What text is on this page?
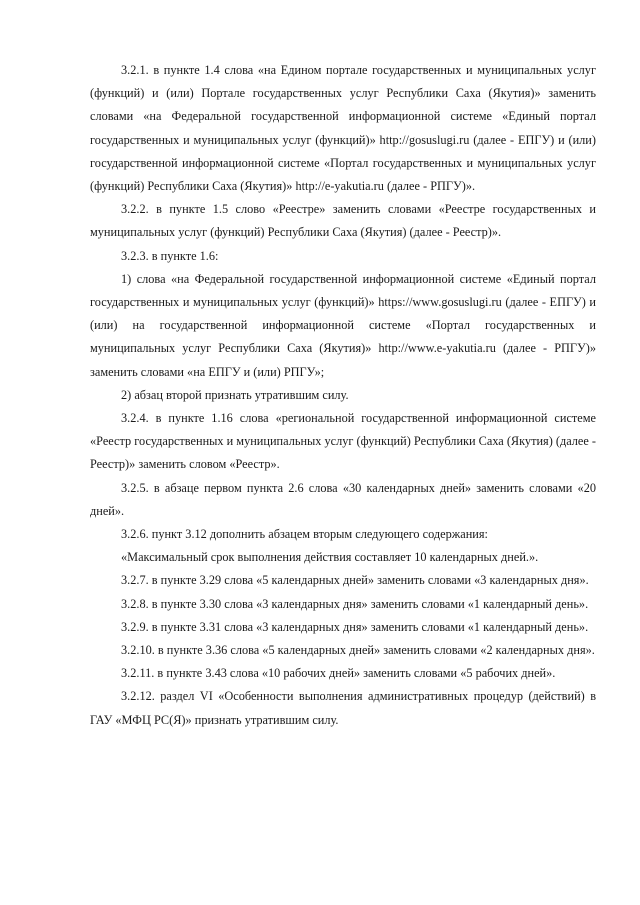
3.2.1. в пункте 1.4 слова «на Едином портале государственных и муниципальных услуг (функций) и (или) Портале государственных услуг Республики Саха (Якутия)» заменить словами «на Федеральной государственной информационной системе «Единый портал государственных и муниципальных услуг (функций)» http://gosuslugi.ru (далее - ЕПГУ) и (или) государственной информационной системе «Портал государственных и муниципальных услуг (функций) Республики Саха (Якутия)» http://e-yakutia.ru (далее - РПГУ)».

3.2.2. в пункте 1.5 слово «Реестре» заменить словами «Реестре государственных и муниципальных услуг (функций) Республики Саха (Якутия) (далее - Реестр)».

3.2.3. в пункте 1.6:

1) слова «на Федеральной государственной информационной системе «Единый портал государственных и муниципальных услуг (функций)» https://www.gosuslugi.ru (далее - ЕПГУ) и (или) на государственной информационной системе «Портал государственных и муниципальных услуг Республики Саха (Якутия)» http://www.e-yakutia.ru (далее - РПГУ)» заменить словами «на ЕПГУ и (или) РПГУ»;

2) абзац второй признать утратившим силу.

3.2.4. в пункте 1.16 слова «региональной государственной информационной системе «Реестр государственных и муниципальных услуг (функций) Республики Саха (Якутия) (далее - Реестр)» заменить словом «Реестр».

3.2.5. в абзаце первом пункта 2.6 слова «30 календарных дней» заменить словами «20 дней».

3.2.6. пункт 3.12 дополнить абзацем вторым следующего содержания:

«Максимальный срок выполнения действия составляет 10 календарных дней.».

3.2.7. в пункте 3.29 слова «5 календарных дней» заменить словами «3 календарных дня».

3.2.8. в пункте 3.30 слова «3 календарных дня» заменить словами «1 календарный день».

3.2.9. в пункте 3.31 слова «3 календарных дня» заменить словами «1 календарный день».

3.2.10. в пункте 3.36 слова «5 календарных дней» заменить словами «2 календарных дня».

3.2.11. в пункте 3.43 слова «10 рабочих дней» заменить словами «5 рабочих дней».

3.2.12. раздел VI «Особенности выполнения административных процедур (действий) в ГАУ «МФЦ РС(Я)» признать утратившим силу.
